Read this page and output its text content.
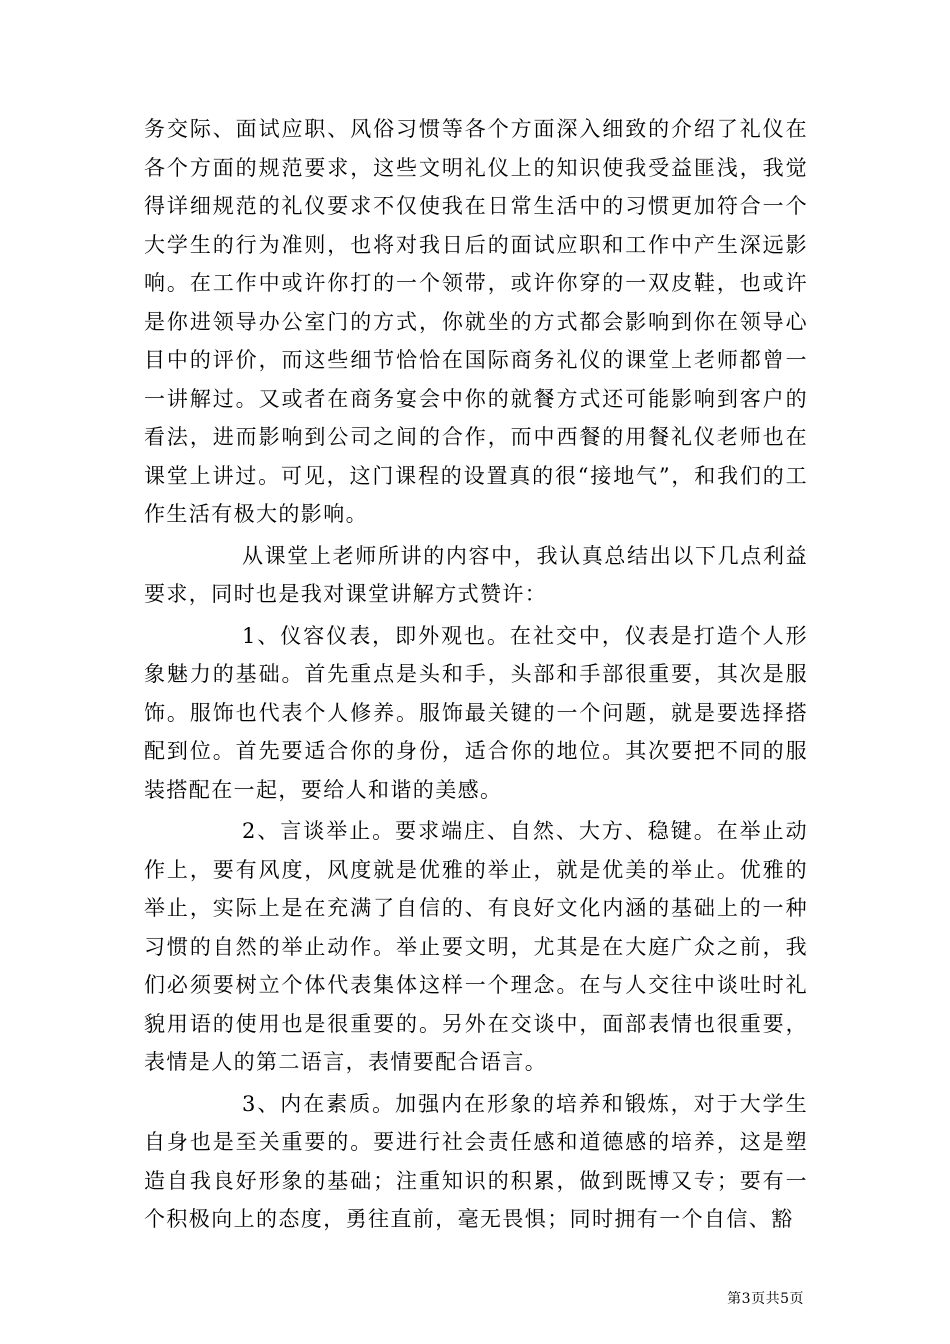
务交际、面试应职、风俗习惯等各个方面深入细致的介绍了礼仪在各个方面的规范要求，这些文明礼仪上的知识使我受益匪浅，我觉得详细规范的礼仪要求不仅使我在日常生活中的习惯更加符合一个大学生的行为准则，也将对我日后的面试应职和工作中产生深远影响。在工作中或许你打的一个领带，或许你穿的一双皮鞋，也或许是你进领导办公室门的方式，你就坐的方式都会影响到你在领导心目中的评价，而这些细节恰恰在国际商务礼仪的课堂上老师都曾一一讲解过。又或者在商务宴会中你的就餐方式还可能影响到客户的看法，进而影响到公司之间的合作，而中西餐的用餐礼仪老师也在课堂上讲过。可见，这门课程的设置真的很“接地气”，和我们的工作生活有极大的影响。

从课堂上老师所讲的内容中，我认真总结出以下几点利益要求，同时也是我对课堂讲解方式赞许：

1、仪容仪表，即外观也。在社交中，仪表是打造个人形象魅力的基础。首先重点是头和手，头部和手部很重要，其次是服饰。服饰也代表个人修养。服饰最关键的一个问题，就是要选择搭配到位。首先要适合你的身份，适合你的地位。其次要把不同的服装搭配在一起，要给人和谐的美感。

2、言谈举止。要求端庄、自然、大方、稳键。在举止动作上，要有风度，风度就是优雅的举止，就是优美的举止。优雅的举止，实际上是在充满了自信的、有良好文化内涵的基础上的一种习惯的自然的举止动作。举止要文明，尤其是在大庭广众之前，我们必须要树立个体代表集体这样一个理念。在与人交往中谈吐时礼貌用语的使用也是很重要的。另外在交谈中，面部表情也很重要，表情是人的第二语言，表情要配合语言。

3、内在素质。加强内在形象的培养和锻炼，对于大学生自身也是至关重要的。要进行社会责任感和道德感的培养，这是塑造自我良好形象的基础；注重知识的积累，做到既博又专；要有一个积极向上的态度，勇往直前，毫无畏惧；同时拥有一个自信、豁

第3页共5页
